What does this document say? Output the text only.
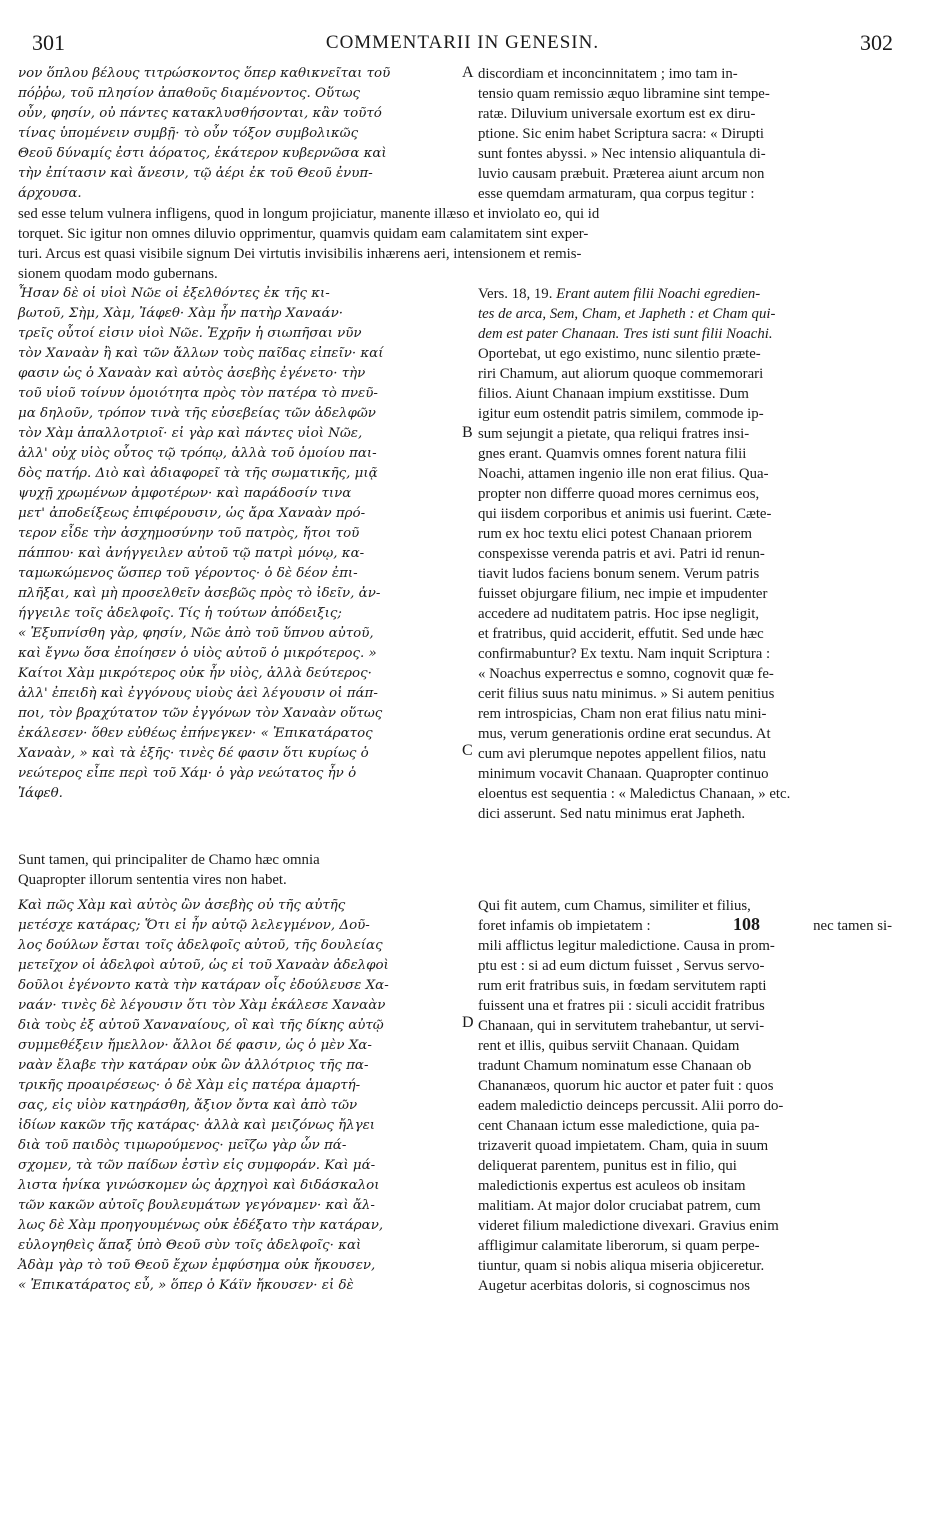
301	COMMENTARII IN GENESIN.	302
νον ὅπλου βέλους τιτρώσκοντος ὅπερ καθικνεῖται τοῦ
πόῤῥω, τοῦ πλησίον ἀπαθοῦς διαμένοντος. Οὕτως
οὖν, φησίν, οὐ πάντες κατακλυσθήσονται, κἂν τοῦτό
τίνας ὑπομένειν συμβῇ· τὸ οὖν τόξον συμβολικῶς
Θεοῦ δύναμίς ἐστι ἀόρατος, ἑκάτερον κυβερνῶσα καὶ
τὴν ἐπίτασιν καὶ ἄνεσιν, τῷ ἀέρι ἐκ τοῦ Θεοῦ ἐνυπ-
άρχουσα.
discordiam et inconcinnitatem ; imo tam in-
tensio quam remissio æquo libramine sint tempe-
ratæ. Diluvium universale exortum est ex diru-
ptione. Sic enim habet Scriptura sacra: « Dirupti
sunt fontes abyssi. » Nec intensio aliquantula di-
luvio causam præbuit. Præterea aiunt arcum non
esse quemdam armaturam, qua corpus tegitur :
sed esse telum vulnera infligens, quod in longum projiciatur, manente illæso et inviolato eo, qui id
torquet. Sic igitur non omnes diluvio opprimentur, quamvis quidam eam calamitatem sint exper-
turi. Arcus est quasi visibile signum Dei virtutis invisibilis inhærens aeri, intensionem et remis-
sionem quodam modo gubernans.
Ἦσαν δὲ οἱ υἱοὶ Νῶε οἱ ἐξελθόντες ἐκ τῆς κι-
βωτοῦ, Σὴμ, Χὰμ, Ἰάφεθ· Χὰμ ἦν πατὴρ Χαναάν·
τρεῖς οὗτοί εἰσιν υἱοὶ Νῶε. Ἐχρῆν ἡ σιωπῆσαι νῦν
τὸν Χαναὰν ἢ καὶ τῶν ἄλλων τοὺς παῖδας εἰπεῖν· καί
φασιν ὡς ὁ Χαναὰν καὶ αὐτὸς ἀσεβὴς ἐγένετο· τὴν
τοῦ υἱοῦ τοίνυν ὁμοιότητα πρὸς τὸν πατέρα τὸ πνεῦ-
μα δηλοῦν, τρόπον τινὰ τῆς εὐσεβείας τῶν ἀδελφῶν
τὸν Χὰμ ἀπαλλοτριοῖ· εἰ γὰρ καὶ πάντες υἱοὶ Νῶε,
ἀλλ' οὐχ υἱὸς οὗτος τῷ τρόπῳ, ἀλλὰ τοῦ ὁμοίου παι-
δὸς πατήρ. Διὸ καὶ ἀδιαφορεῖ τὰ τῆς σωματικῆς, μιᾷ
ψυχῇ χρωμένων ἀμφοτέρων· καὶ παράδοσίν τινα
μετ' ἀποδείξεως ἐπιφέρουσιν, ὡς ἄρα Χαναὰν πρό-
τερον εἶδε τὴν ἀσχημοσύνην τοῦ πατρὸς, ἤτοι τοῦ
πάππου· καὶ ἀνήγγειλεν αὐτοῦ τῷ πατρὶ μόνῳ, κα-
ταμωκώμενος ὥσπερ τοῦ γέροντος· ὁ δὲ δέον ἐπι-
πλῆξαι, καὶ μὴ προσελθεῖν ἀσεβῶς πρὸς τὸ ἰδεῖν, ἀν-
ήγγειλε τοῖς ἀδελφοῖς. Τίς ἡ τούτων ἀπόδειξις;
« Ἐξυπνίσθη γὰρ, φησίν, Νῶε ἀπὸ τοῦ ὕπνου αὐτοῦ,
καὶ ἔγνω ὅσα ἐποίησεν ὁ υἱὸς αὐτοῦ ὁ μικρότερος. »
Καίτοι Χὰμ μικρότερος οὐκ ἦν υἱὸς, ἀλλὰ δεύτερος·
ἀλλ' ἐπειδὴ καὶ ἐγγόνους υἱοὺς ἀεὶ λέγουσιν οἱ πάπ-
ποι, τὸν βραχύτατον τῶν ἐγγόνων τὸν Χαναὰν οὕτως
ἐκάλεσεν· ὅθεν εὐθέως ἐπήνεγκεν· « Ἐπικατάρατος
Χαναὰν, » καὶ τὰ ἑξῆς· τινὲς δέ φασιν ὅτι κυρίως ὁ
νεώτερος εἶπε περὶ τοῦ Χάμ· ὁ γὰρ νεώτατος ἦν ὁ
Ἰάφεθ.
Vers. 18, 19. Erant autem filii Noachi egredien-
tes de arca, Sem, Cham, et Japheth : et Cham qui-
dem est pater Chanaan. Tres isti sunt filii Noachi.
Oportebat, ut ego existimo, nunc silentio præte-
riri Chamum, aut aliorum quoque commemorari
filios. Aiunt Chanaan impium exstitisse. Dum
igitur eum ostendit patris similem, commode ip-
sum sejungit a pietate, qua reliqui fratres insi-
gnes erant. Quamvis omnes forent natura filii
Noachi, attamen ingenio ille non erat filius. Qua-
propter non differre quoad mores cernimus eos,
qui iisdem corporibus et animis usi fuerint. Cæte-
rum ex hoc textu elici potest Chanaan priorem
conspexisse verenda patris et avi. Patri id renun-
tiavit ludos faciens bonum senem. Verum patris
fuisset objurgare filium, nec impie et impudenter
accedere ad nuditatem patris. Hoc ipse negligit,
et fratribus, quid acciderit, effutit. Sed unde hæc
confirmabuntur? Ex textu. Nam inquit Scriptura :
« Noachus experrectus e somno, cognovit quæ fe-
cerit filius suus natu minimus. » Si autem penitius
rem introspicias, Cham non erat filius natu mini-
mus, verum generationis ordine erat secundus. At
cum avi plerumque nepotes appellent filios, natu
minimum vocavit Chanaan. Quapropter continuo
eloentus est sequentia : « Maledictus Chanaan, » etc.
dici asserunt. Sed natu minimus erat Japheth.
Sunt tamen, qui principaliter de Chamo hæc omnia
Quapropter illorum sententia vires non habet.
Καὶ πῶς Χὰμ καὶ αὐτὸς ὢν ἀσεβὴς οὐ τῆς αὐτῆς
μετέσχε κατάρας; Ὅτι εἰ ἦν αὐτῷ λελεγμένον, Δοῦ-
λος δούλων ἔσται τοῖς ἀδελφοῖς αὐτοῦ, τῆς δουλείας
μετεῖχον οἱ ἀδελφοὶ αὐτοῦ, ὡς εἰ τοῦ Χαναὰν ἀδελφοὶ
δοῦλοι ἐγένοντο κατὰ τὴν κατάραν οἷς ἐδούλευσε Χα-
ναάν· τινὲς δὲ λέγουσιν ὅτι τὸν Χὰμ ἐκάλεσε Χαναὰν
διὰ τοὺς ἐξ αὐτοῦ Χαναναίους, οἳ καὶ τῆς δίκης αὐτῷ
συμμεθέξειν ἤμελλον· ἄλλοι δέ φασιν, ὡς ὁ μὲν Χα-
ναὰν ἔλαβε τὴν κατάραν οὐκ ὢν ἀλλότριος τῆς πα-
τρικῆς προαιρέσεως· ὁ δὲ Χὰμ εἰς πατέρα ἁμαρτή-
σας, εἰς υἱὸν κατηράσθη, ἄξιον ὄντα καὶ ἀπὸ τῶν
ἰδίων κακῶν τῆς κατάρας· ἀλλὰ καὶ μειζόνως ἤλγει
διὰ τοῦ παιδὸς τιμωρούμενος· μεῖζω γὰρ ὧν πά-
σχομεν, τὰ τῶν παίδων ἐστὶν εἰς συμφοράν. Καὶ μά-
λιστα ἡνίκα γινώσκομεν ὡς ἀρχηγοὶ καὶ διδάσκαλοι
τῶν κακῶν αὐτοῖς βουλευμάτων γεγόναμεν· καὶ ἄλ-
λως δὲ Χὰμ προηγουμένως οὐκ ἐδέξατο τὴν κατάραν,
εὐλογηθεὶς ἅπαξ ὑπὸ Θεοῦ σὺν τοῖς ἀδελφοῖς· καὶ
Ἀδὰμ γὰρ τὸ τοῦ Θεοῦ ἔχων ἐμφύσημα οὐκ ἤκουσεν,
« Ἐπικατάρατος εὖ, » ὅπερ ὁ Κάϊν ἤκουσεν· εἰ δὲ
Qui fit autem, cum Chamus, similiter et filius,
foret infamis ob impietatem :	108	nec tamen si-
mili afflictus legitur maledictione. Causa in prom-
ptu est : si ad eum dictum fuisset , Servus servo-
rum erit fratribus suis, in fœdam servitutem rapti
fuissent una et fratres pii : siculi accidit fratribus
Chanaan, qui in servitutem trahebantur, ut servi-
rent et illis, quibus serviit Chanaan. Quidam
tradunt Chamum nominatum esse Chanaan ob
Chananæos, quorum hic auctor et pater fuit : quos
eadem maledictio deinceps percussit. Alii porro do-
cent Chanaan ictum esse maledictione, quia pa-
trizaverit quoad impietatem. Cham, quia in suum
deliquerat parentem, punitus est in filio, qui
maledictionis expertus est aculeos ob insitam
malitiam. At major dolor cruciabat patrem, cum
videret filium maledictione divexari. Gravius enim
affligimur calamitate liberorum, si quam perpe-
tiuntur, quam si nobis aliqua miseria objiceretur.
Augetur acerbitas doloris, si cognoscimus nos
A
B
C
D
